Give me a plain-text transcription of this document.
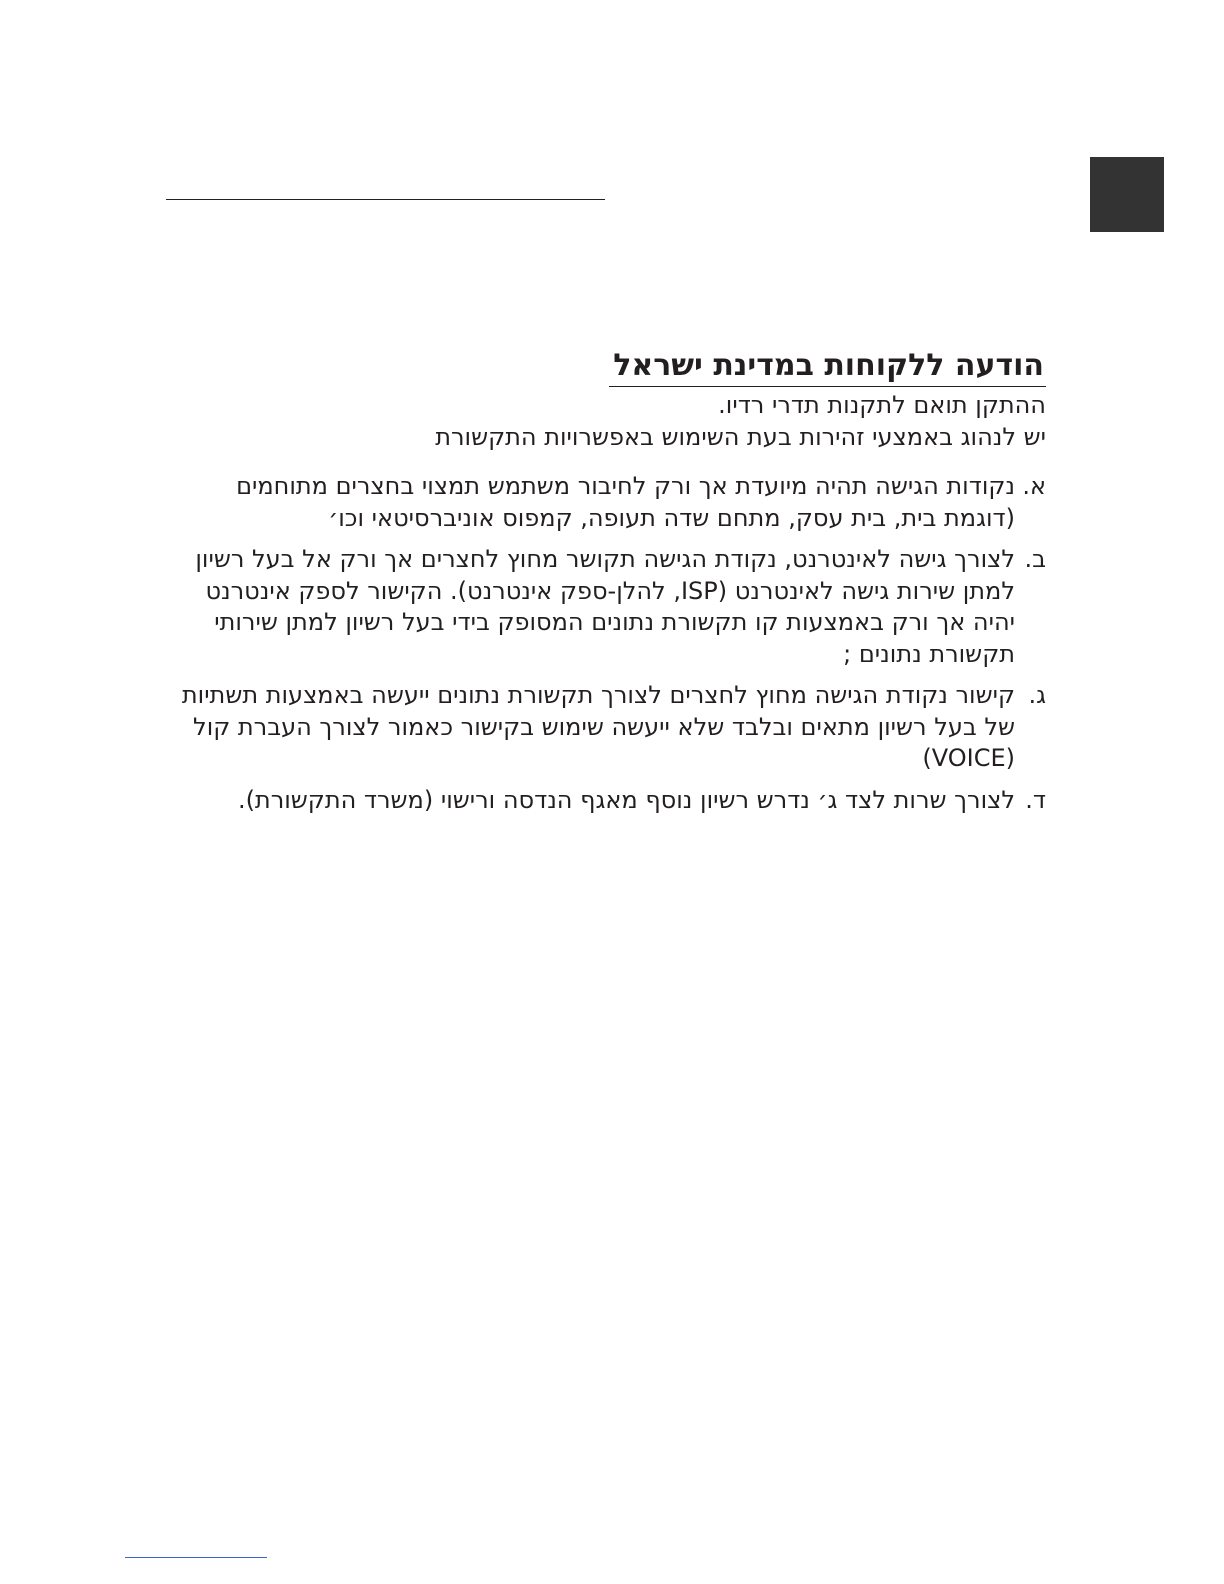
הודעה ללקוחות במדינת ישראל

ההתקן תואם לתקנות תדרי רדיו.

יש לנהוג באמצעי זהירות בעת השימוש באפשרויות התקשורת

א.
נקודות הגישה תהיה מיועדת אך ורק לחיבור משתמש תמצוי בחצרים מתוחמים (דוגמת בית, בית עסק, מתחם שדה תעופה, קמפוס אוניברסיטאי וכו׳
ב.
לצורך גישה לאינטרנט, נקודת הגישה תקושר מחוץ לחצרים אך ורק אל בעל רשיון למתן שירות גישה לאינטרנט (ISP, להלן-ספק אינטרנט). הקישור לספק אינטרנט יהיה אך ורק באמצעות קו תקשורת נתונים המסופק בידי בעל רשיון למתן שירותי תקשורת נתונים ;
ג.
קישור נקודת הגישה מחוץ לחצרים לצורך תקשורת נתונים ייעשה באמצעות תשתיות של בעל רשיון מתאים ובלבד שלא ייעשה שימוש בקישור כאמור לצורך העברת קול (VOICE)
ד.
לצורך שרות לצד ג׳ נדרש רשיון נוסף מאגף הנדסה ורישוי (משרד התקשורת).
